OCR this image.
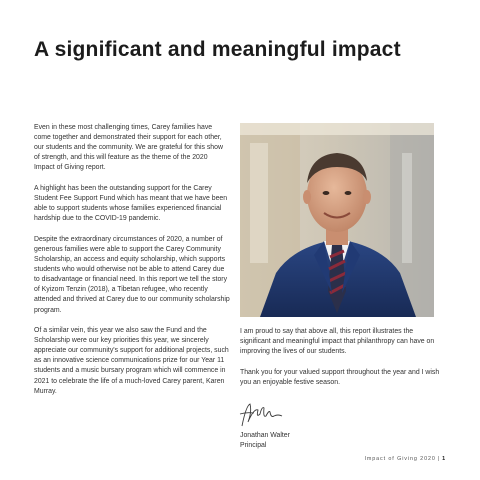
A significant and meaningful impact

Even in these most challenging times, Carey families have come together and demonstrated their support for each other, our students and the community. We are grateful for this show of strength, and this will feature as the theme of the 2020 Impact of Giving report.

A highlight has been the outstanding support for the Carey Student Fee Support Fund which has meant that we have been able to support students whose families experienced financial hardship due to the COVID-19 pandemic.

Despite the extraordinary circumstances of 2020, a number of generous families were able to support the Carey Community Scholarship, an access and equity scholarship, which supports students who would otherwise not be able to attend Carey due to disadvantage or financial need. In this report we tell the story of Kyizom Tenzin (2018), a Tibetan refugee, who recently attended and thrived at Carey due to our community scholarship program.

Of a similar vein, this year we also saw the Fund and the Scholarship were our key priorities this year, we sincerely appreciate our community's support for additional projects, such as an innovative science communications prize for our Year 11 students and a music bursary program which will commence in 2021 to celebrate the life of a much-loved Carey parent, Karen Murray.

I am proud to say that above all, this report illustrates the significant and meaningful impact that philanthropy can have on improving the lives of our students.

Thank you for your valued support throughout the year and I wish you an enjoyable festive season.

Jonathan Walter
Principal
Impact of Giving 2020 | 1
